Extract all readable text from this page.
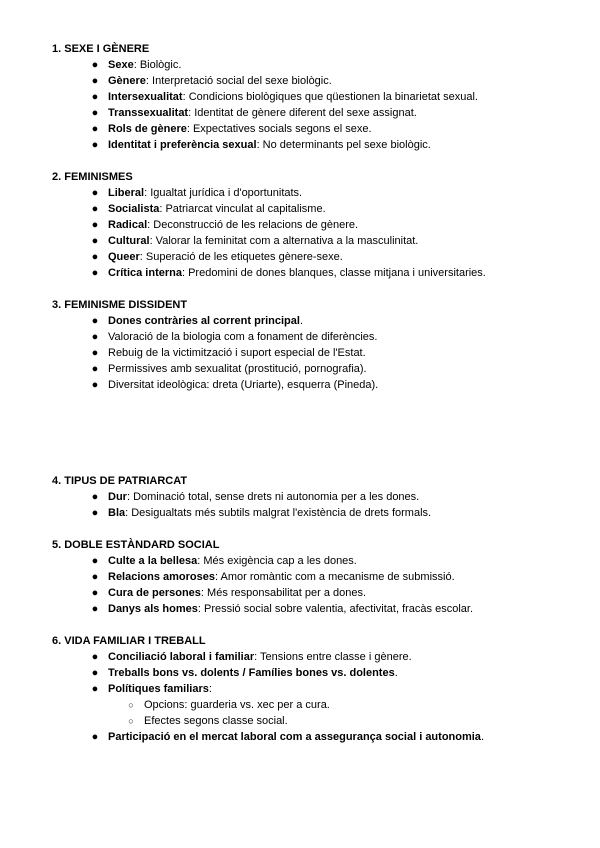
1. SEXE I GÈNERE
● Sexe: Biològic.
● Gènere: Interpretació social del sexe biològic.
● Intersexualitat: Condicions biològiques que qüestionen la binarietat sexual.
● Transsexualitat: Identitat de gènere diferent del sexe assignat.
● Rols de gènere: Expectatives socials segons el sexe.
● Identitat i preferència sexual: No determinants pel sexe biològic.
2. FEMINISMES
● Liberal: Igualtat jurídica i d'oportunitats.
● Socialista: Patriarcat vinculat al capitalisme.
● Radical: Deconstrucció de les relacions de gènere.
● Cultural: Valorar la feminitat com a alternativa a la masculinitat.
● Queer: Superació de les etiquetes gènere-sexe.
● Crítica interna: Predomini de dones blanques, classe mitjana i universitaries.
3. FEMINISME DISSIDENT
● Dones contràries al corrent principal.
● Valoració de la biologia com a fonament de diferències.
● Rebuig de la victimització i suport especial de l'Estat.
● Permissives amb sexualitat (prostitució, pornografia).
● Diversitat ideològica: dreta (Uriarte), esquerra (Pineda).
4. TIPUS DE PATRIARCAT
● Dur: Dominació total, sense drets ni autonomia per a les dones.
● Bla: Desigualtats més subtils malgrat l'existència de drets formals.
5. DOBLE ESTÀNDARD SOCIAL
● Culte a la bellesa: Més exigència cap a les dones.
● Relacions amoroses: Amor romàntic com a mecanisme de submissió.
● Cura de persones: Més responsabilitat per a dones.
● Danys als homes: Pressió social sobre valentia, afectivitat, fracàs escolar.
6. VIDA FAMILIAR I TREBALL
● Conciliació laboral i familiar: Tensions entre classe i gènere.
● Treballs bons vs. dolents / Famílies bones vs. dolentes.
● Polítiques familiars:
○ Opcions: guarderia vs. xec per a cura.
○ Efectes segons classe social.
● Participació en el mercat laboral com a assegurança social i autonomia.
